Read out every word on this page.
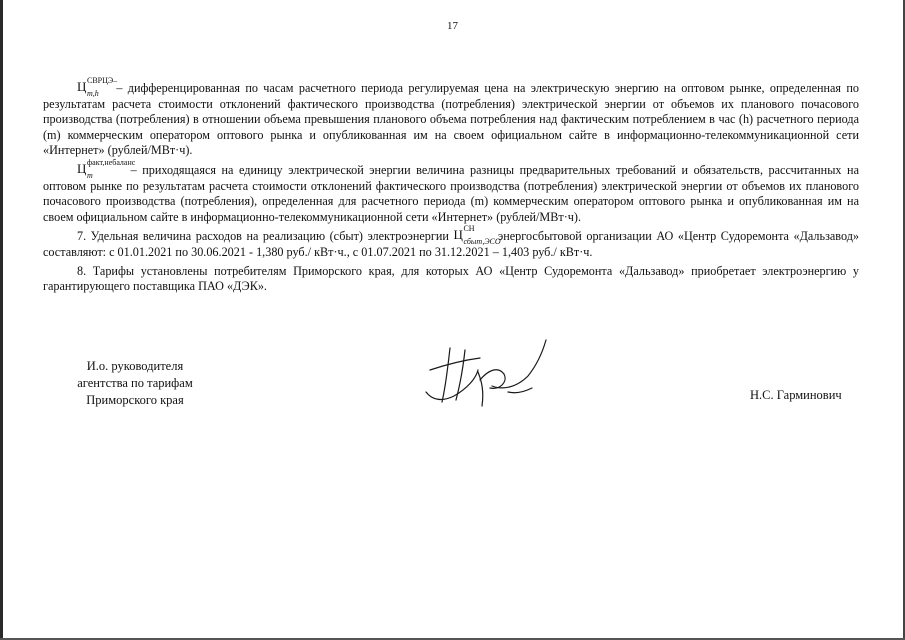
17

Ц СВРЦЭ–
m,h – дифференцированная по часам расчетного периода регулируемая цена на электрическую энергию на оптовом рынке, определенная по результатам расчета стоимости отклонений фактического производства (потребления) электрической энергии от объемов их планового почасового производства (потребления) в отношении объема превышения планового объема потребления над фактическим потреблением в час (h) расчетного периода (m) коммерческим оператором оптового рынка и опубликованная им на своем официальном сайте в информационно-телекоммуникационной сети «Интернет» (рублей/МВт·ч).

Ц факт,небаланс
m	– приходящаяся на единицу электрической энергии величина разницы предварительных требований и обязательств, рассчитанных на оптовом рынке по результатам расчета стоимости отклонений фактического производства (потребления) электрической энергии от объемов их планового почасового производства (потребления), определенная для расчетного периода (m) коммерческим оператором оптового рынка и опубликованная им на своем официальном сайте в информационно-телекоммуникационной сети «Интернет» (рублей/МВт·ч).

7. Удельная величина расходов на реализацию (сбыт) электроэнергии Ц СН
сбыт,ЭСО
энергосбытовой организации АО «Центр Судоремонта «Дальзавод» составляют: с 01.01.2021 по 30.06.2021 - 1,380 руб./ кВт·ч., с 01.07.2021 по 31.12.2021 – 1,403 руб./ кВт·ч.

8. Тарифы установлены потребителям Приморского края, для которых АО «Центр Судоремонта «Дальзавод» приобретает электроэнергию у гарантирующего поставщика ПАО «ДЭК».

И.о. руководителя
агентства по тарифам
Приморского края	Н.С. Гарминович
